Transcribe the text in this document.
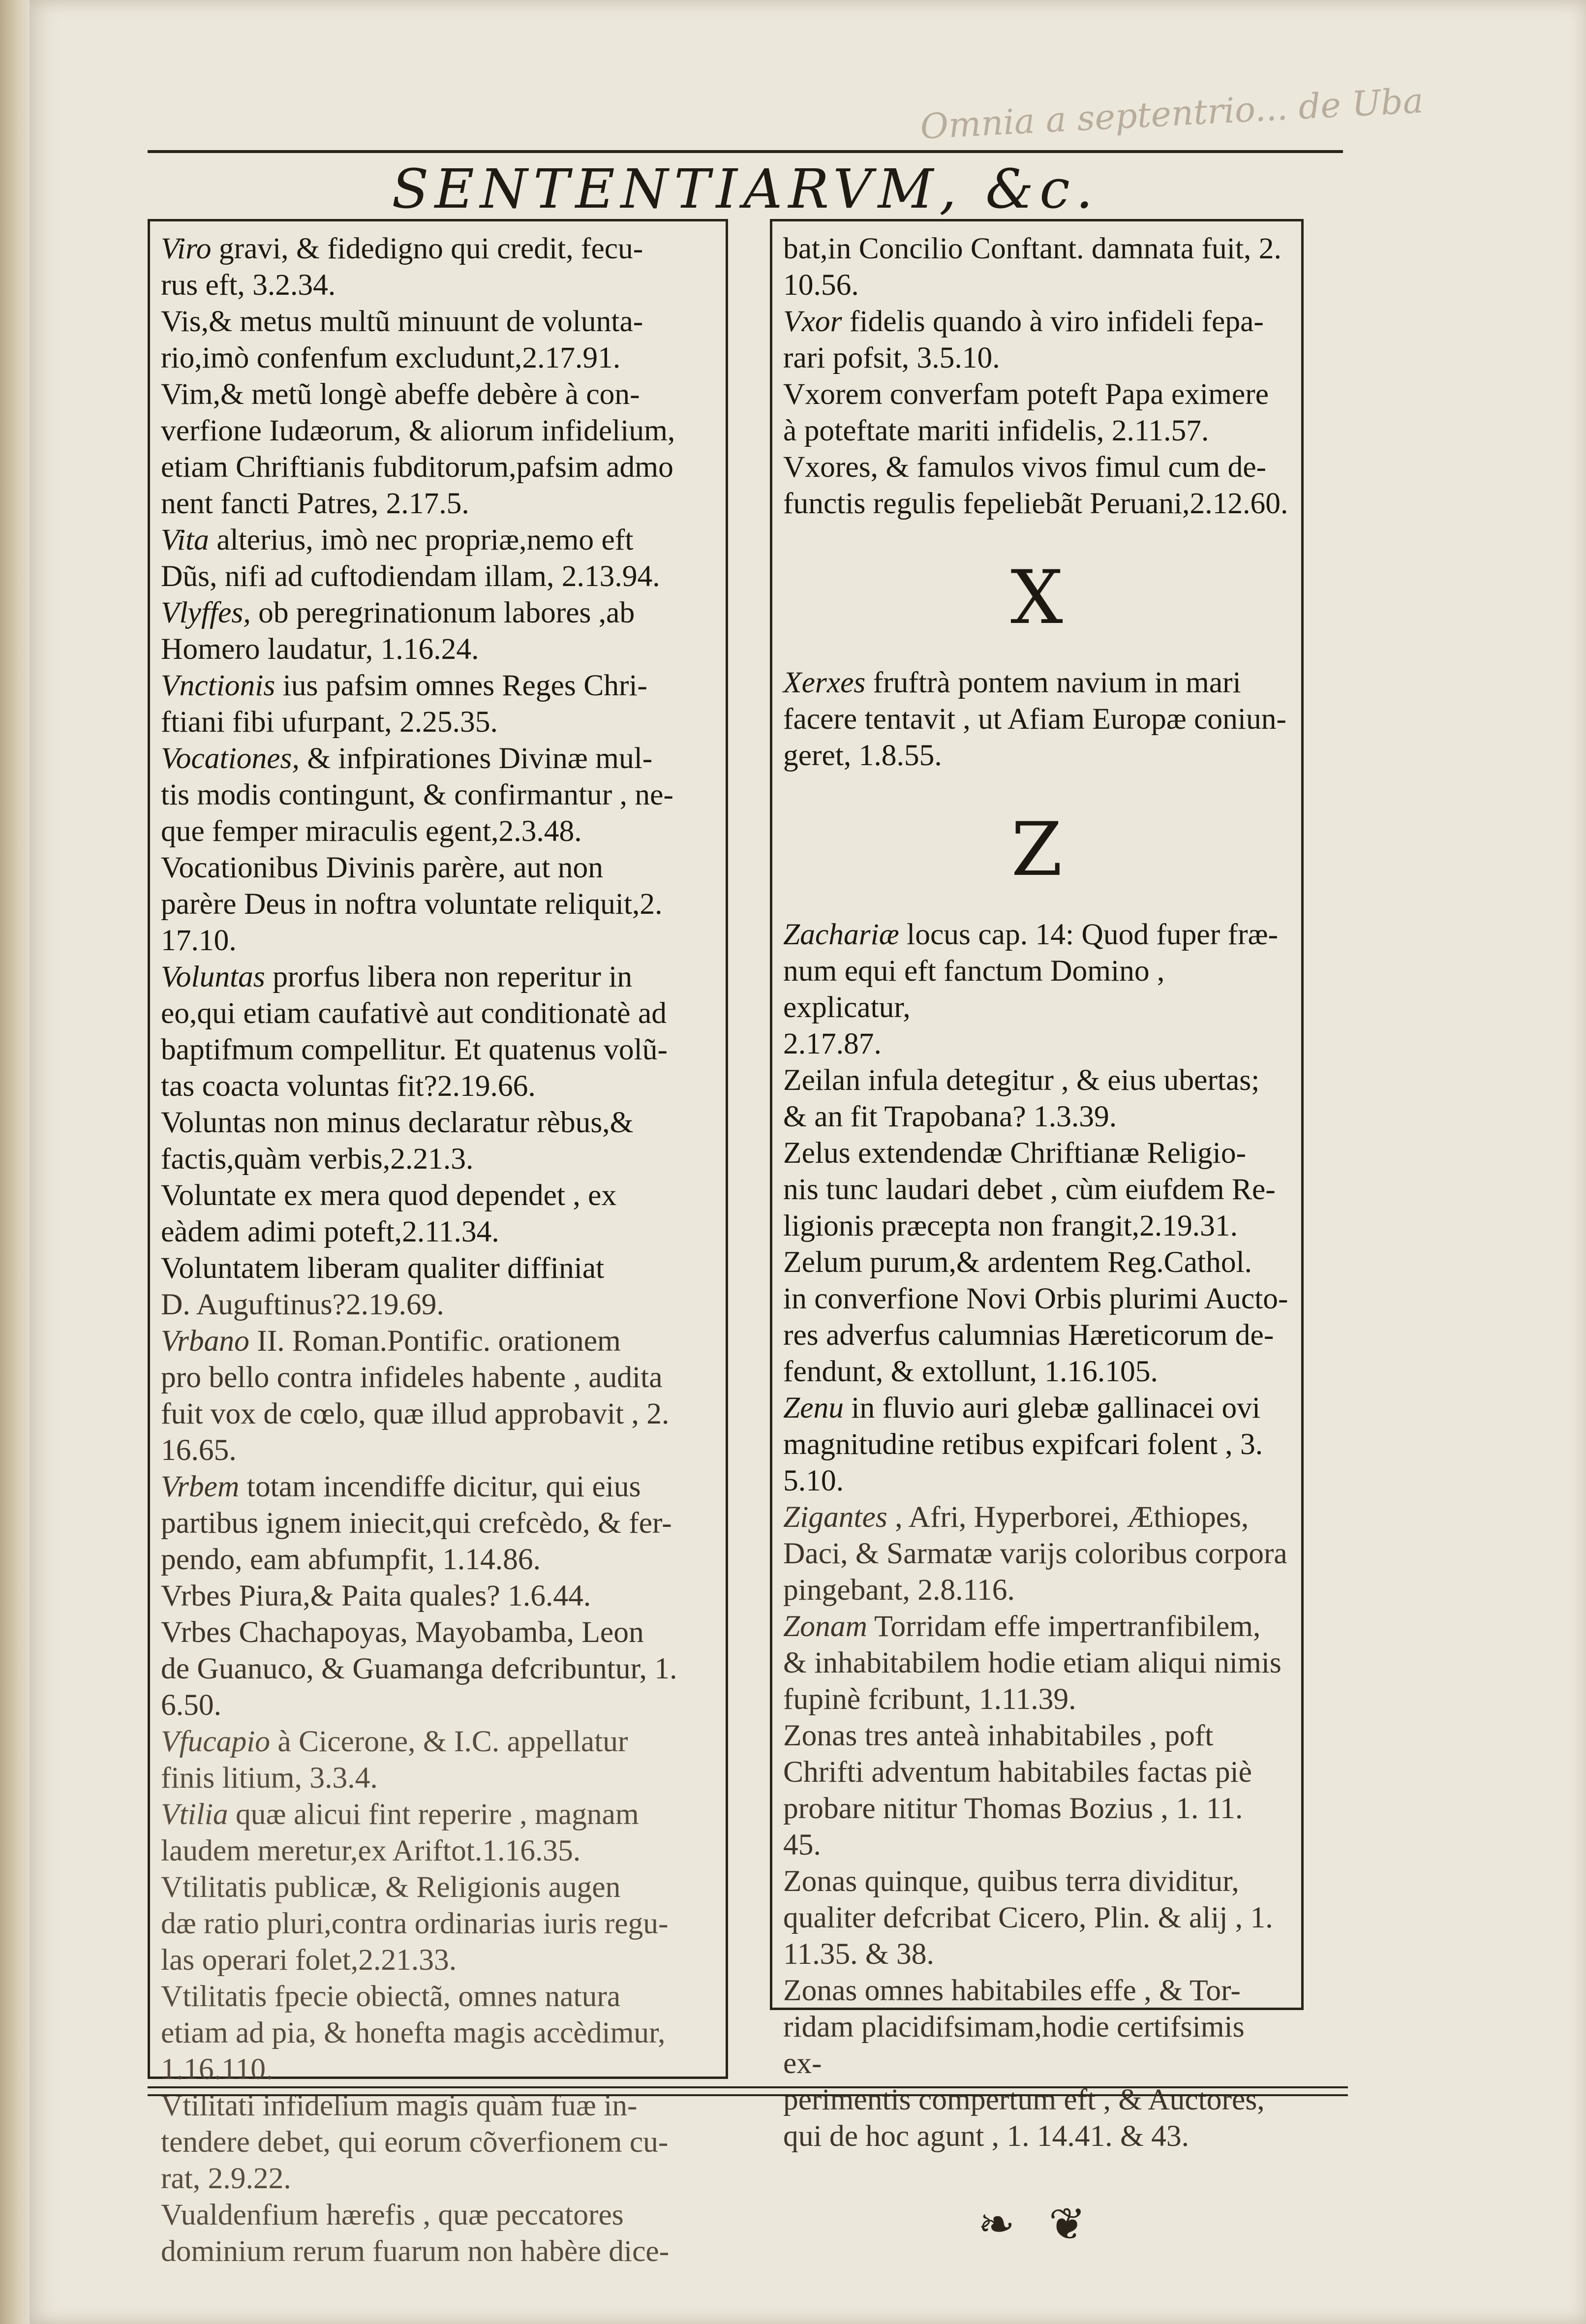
Omnia a septentrio... de Uba
SENTENTIARVM, &c.

Viro gravi, & fidedigno qui credit, fecu-

rus eft, 3.2.34.

Vis,& metus multũ minuunt de volunta-

rio,imò confenfum excludunt,2.17.91.

Vim,& metũ longè abeffe debère à con-

verfione Iudæorum, & aliorum infidelium,

etiam Chriftianis fubditorum,pafsim admo

nent fancti Patres, 2.17.5.

Vita alterius, imò nec propriæ,nemo eft

Dũs, nifi ad cuftodiendam illam, 2.13.94.

Vlyffes, ob peregrinationum labores ,ab

Homero laudatur, 1.16.24.

Vnctionis ius pafsim omnes Reges Chri-

ftiani fibi ufurpant, 2.25.35.

Vocationes, & infpirationes Divinæ mul-

tis modis contingunt, & confirmantur , ne-

que femper miraculis egent,2.3.48.

Vocationibus Divinis parère, aut non

parère Deus in noftra voluntate reliquit,2.

17.10.

Voluntas prorfus libera non reperitur in

eo,qui etiam caufativè aut conditionatè ad

baptifmum compellitur. Et quatenus volũ-

tas coacta voluntas fit?2.19.66.

Voluntas non minus declaratur rèbus,&

factis,quàm verbis,2.21.3.

Voluntate ex mera quod dependet , ex

eàdem adimi poteft,2.11.34.

Voluntatem liberam qualiter diffiniat

D. Auguftinus?2.19.69.

Vrbano II. Roman.Pontific. orationem

pro bello contra infideles habente , audita

fuit vox de cœlo, quæ illud approbavit , 2.

16.65.

Vrbem totam incendiffe dicitur, qui eius

partibus ignem iniecit,qui crefcèdo, & fer-

pendo, eam abfumpfit, 1.14.86.

Vrbes Piura,& Paita quales? 1.6.44.

Vrbes Chachapoyas, Mayobamba, Leon

de Guanuco, & Guamanga defcribuntur, 1.

6.50.

Vfucapio à Cicerone, & I.C. appellatur

finis litium, 3.3.4.

Vtilia quæ alicui fint reperire , magnam

laudem meretur,ex Ariftot.1.16.35.

Vtilitatis publicæ, & Religionis augen

dæ ratio pluri,contra ordinarias iuris regu-

las operari folet,2.21.33.

Vtilitatis fpecie obiectã, omnes natura

etiam ad pia, & honefta magis accèdimur,

1.16.110.

Vtilitati infidelium magis quàm fuæ in-

tendere debet, qui eorum cõverfionem cu-

rat, 2.9.22.

Vualdenfium hærefis , quæ peccatores

dominium rerum fuarum non habère dice-

bat,in Concilio Conftant. damnata fuit, 2.

10.56.

Vxor fidelis quando à viro infideli fepa-

rari pofsit, 3.5.10.

Vxorem converfam poteft Papa eximere

à poteftate mariti infidelis, 2.11.57.

Vxores, & famulos vivos fimul cum de-

functis regulis fepeliebãt Peruani,2.12.60.

X

Xerxes fruftrà pontem navium in mari

facere tentavit , ut Afiam Europæ coniun-

geret, 1.8.55.

Z

Zachariæ locus cap. 14: Quod fuper fræ-

num equi eft fanctum Domino , explicatur,

2.17.87.

Zeilan infula detegitur , & eius ubertas;

& an fit Trapobana? 1.3.39.

Zelus extendendæ Chriftianæ Religio-

nis tunc laudari debet , cùm eiufdem Re-

ligionis præcepta non frangit,2.19.31.

Zelum purum,& ardentem Reg.Cathol.

in converfione Novi Orbis plurimi Aucto-

res adverfus calumnias Hæreticorum de-

fendunt, & extollunt, 1.16.105.

Zenu in fluvio auri glebæ gallinacei ovi

magnitudine retibus expifcari folent , 3.

5.10.

Zigantes , Afri, Hyperborei, Æthiopes,

Daci, & Sarmatæ varijs coloribus corpora

pingebant, 2.8.116.

Zonam Torridam effe impertranfibilem,

& inhabitabilem hodie etiam aliqui nimis

fupinè fcribunt, 1.11.39.

Zonas tres anteà inhabitabiles , poft

Chrifti adventum habitabiles factas piè

probare nititur Thomas Bozius , 1. 11.

45.

Zonas quinque, quibus terra dividitur,

qualiter defcribat Cicero, Plin. & alij , 1.

11.35. & 38.

Zonas omnes habitabiles effe , & Tor-

ridam placidifsimam,hodie certifsimis ex-

perimentis compertum eft , & Auctores,

qui de hoc agunt , 1. 14.41. & 43.

❧ ❦
